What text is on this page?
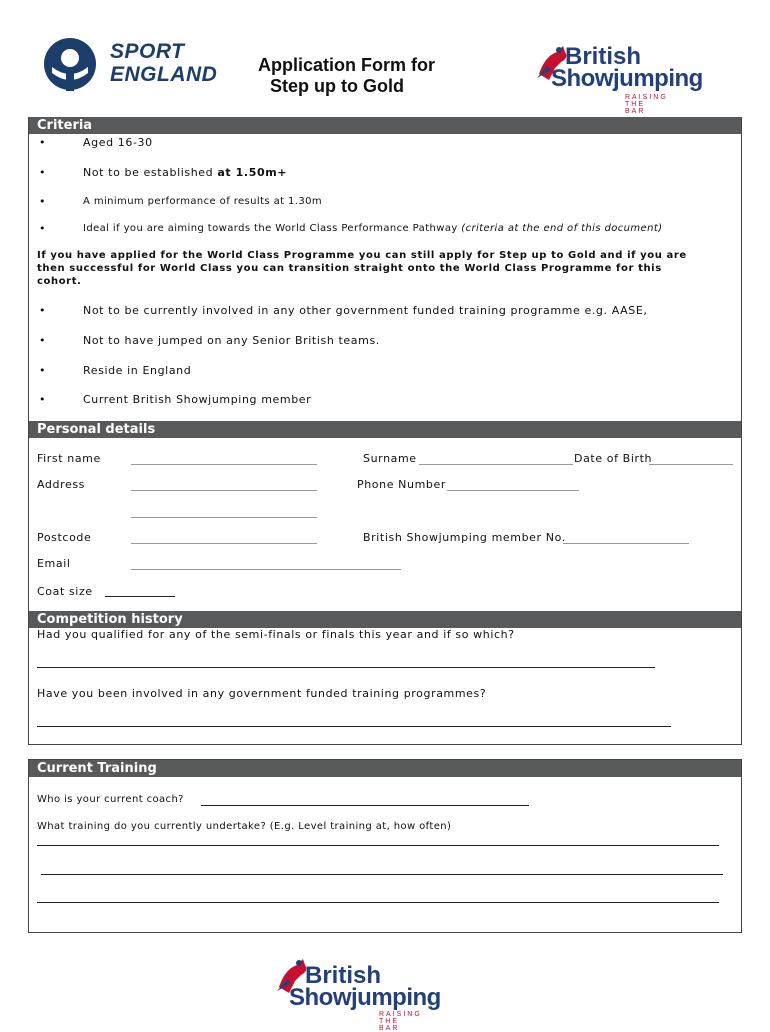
SPORT
ENGLAND Application Form for
Step up to Gold
British
Showjumping
RAISING THE BAR
Criteria
•	Aged 16-30
•	Not to be established at 1.50m+
•	A minimum performance of results at 1.30m
•	Ideal if you are aiming towards the World Class Performance Pathway (criteria at the end of this document)
If you have applied for the World Class Programme you can still apply for Step up to Gold and if you are
then successful for World Class you can transition straight onto the World Class Programme for this
cohort.
•	Not to be currently involved in any other government funded training programme e.g. AASE,
•	Not to have jumped on any Senior British teams.
•	Reside in England
•	Current British Showjumping member
Personal details
First name	Surname	Date of Birth
Address	Phone Number
Postcode	British Showjumping member No.
Email
Coat size
Competition history
Had you qualified for any of the semi-finals or finals this year and if so which?
Have you been involved in any government funded training programmes?
Current Training
Who is your current coach?
What training do you currently undertake? (E.g. Level training at, how often)
British
Showjumping
RAISING THE BAR
